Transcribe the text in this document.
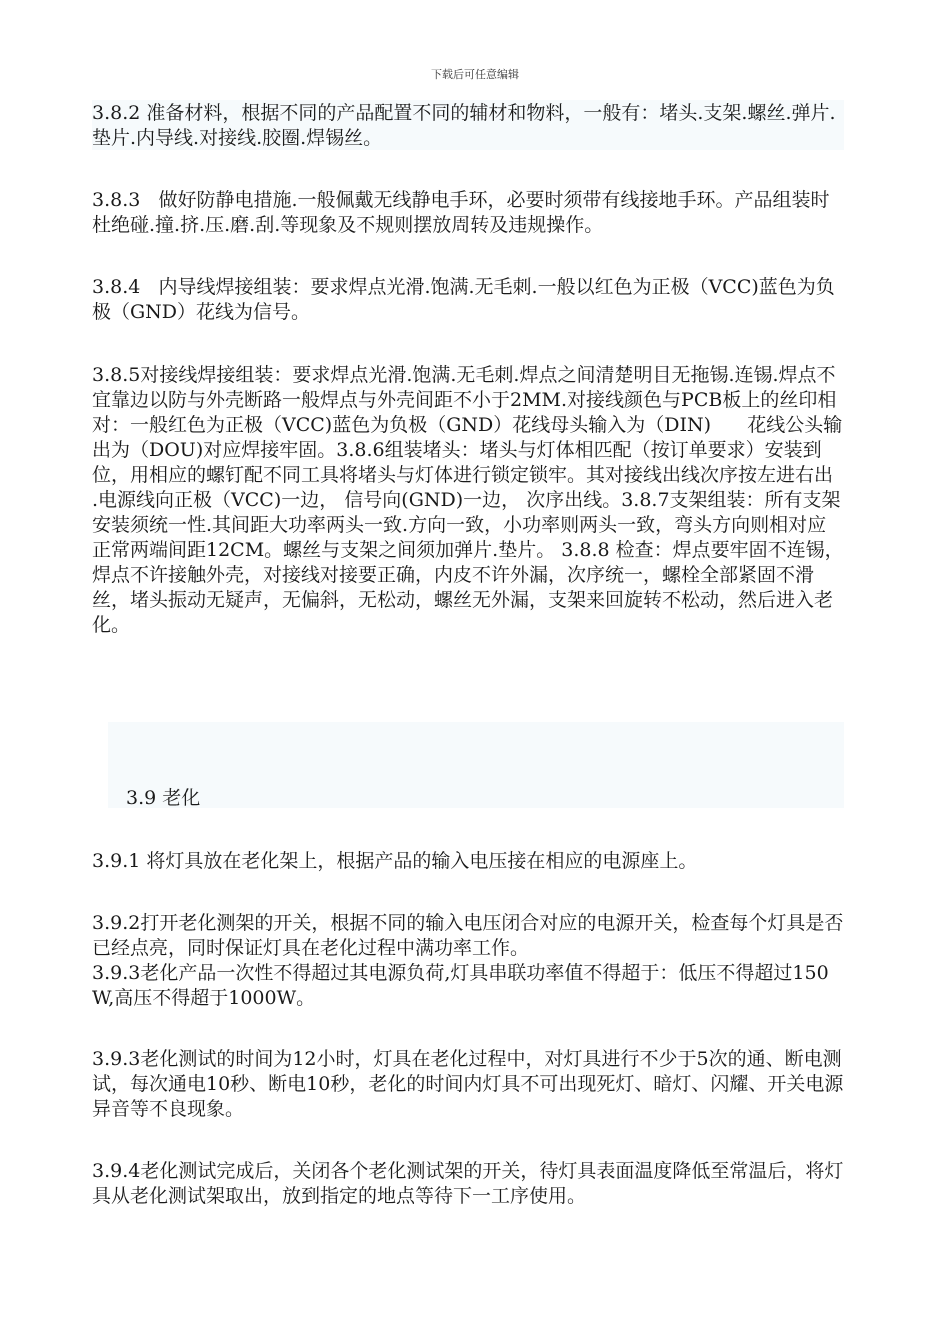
下载后可任意编辑
3.8.2 准备材料，根据不同的产品配置不同的辅材和物料，一般有：堵头.支架.螺丝.弹片.垫片.内导线.对接线.胶圈.焊锡丝。
3.8.3   做好防静电措施.一般佩戴无线静电手环，必要时须带有线接地手环。产品组装时杜绝碰.撞.挤.压.磨.刮.等现象及不规则摆放周转及违规操作。
3.8.4   内导线焊接组装：要求焊点光滑.饱满.无毛刺.一般以红色为正极（VCC)蓝色为负极（GND）花线为信号。
3.8.5对接线焊接组装：要求焊点光滑.饱满.无毛刺.焊点之间清楚明目无拖锡.连锡.焊点不宜靠边以防与外壳断路一般焊点与外壳间距不小于2MM.对接线颜色与PCB板上的丝印相对：一般红色为正极（VCC)蓝色为负极（GND）花线母头输入为（DIN)      花线公头输出为（DOU)对应焊接牢固。3.8.6组装堵头：堵头与灯体相匹配（按订单要求）安装到位，用相应的螺钉配不同工具将堵头与灯体进行锁定锁牢。其对接线出线次序按左进右出 .电源线向正极（VCC)一边， 信号向(GND)一边， 次序出线。3.8.7支架组装：所有支架安装须统一性.其间距大功率两头一致.方向一致，小功率则两头一致，弯头方向则相对应正常两端间距12CM。螺丝与支架之间须加弹片.垫片。 3.8.8 检查：焊点要牢固不连锡，焊点不许接触外壳，对接线对接要正确，内皮不许外漏，次序统一，螺栓全部紧固不滑丝，堵头振动无疑声，无偏斜，无松动，螺丝无外漏，支架来回旋转不松动，然后进入老化。
3.9 老化
3.9.1 将灯具放在老化架上，根据产品的输入电压接在相应的电源座上。
3.9.2打开老化测架的开关，根据不同的输入电压闭合对应的电源开关，检查每个灯具是否已经点亮，同时保证灯具在老化过程中满功率工作。
3.9.3老化产品一次性不得超过其电源负荷,灯具串联功率值不得超于：低压不得超过150W,高压不得超于1000W。
3.9.3老化测试的时间为12小时，灯具在老化过程中，对灯具进行不少于5次的通、断电测试，每次通电10秒、断电10秒，老化的时间内灯具不可出现死灯、暗灯、闪耀、开关电源异音等不良现象。
3.9.4老化测试完成后，关闭各个老化测试架的开关，待灯具表面温度降低至常温后，将灯具从老化测试架取出，放到指定的地点等待下一工序使用。
